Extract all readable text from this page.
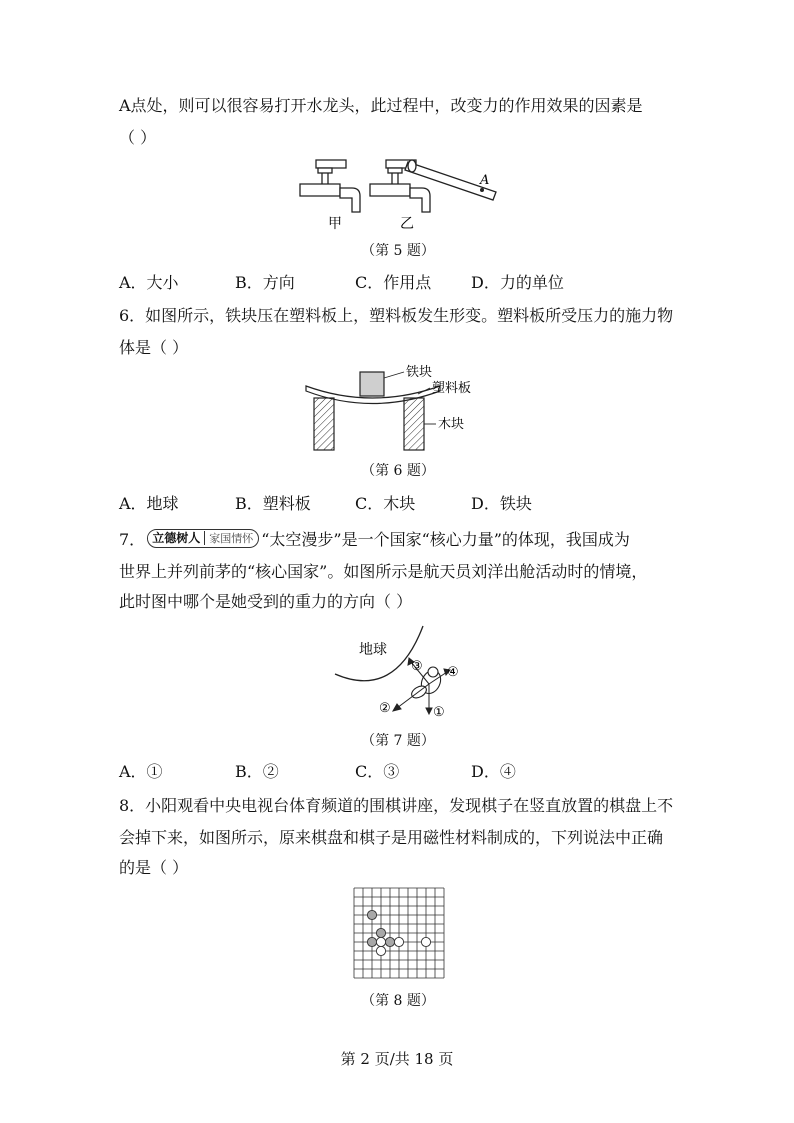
A点处，则可以很容易打开水龙头，此过程中，改变力的作用效果的因素是
（ ）
A
甲	乙
（第 5 题）
A．大小	B．方向	C．作用点 D．力的单位
6．如图所示，铁块压在塑料板上，塑料板发生形变。塑料板所受压力的施力物
体是（ ）
铁块
塑料板
木块
（第 6 题）
A．地球	B．塑料板	C．木块	D．铁块
7． 立德树人 家国情怀 “太空漫步”是一个国家“核心力量”的体现，我国成为
世界上并列前茅的“核心国家”。如图所示是航天员刘洋出舱活动时的情境，
此时图中哪个是她受到的重力的方向（ ）
地球
①
②
③ ④
（第 7 题）
A．①	B．②	C．③	D．④
8．小阳观看中央电视台体育频道的围棋讲座，发现棋子在竖直放置的棋盘上不
会掉下来，如图所示，原来棋盘和棋子是用磁性材料制成的，下列说法中正确
的是（ ）
（第 8 题）
第 2 页/共 18 页
